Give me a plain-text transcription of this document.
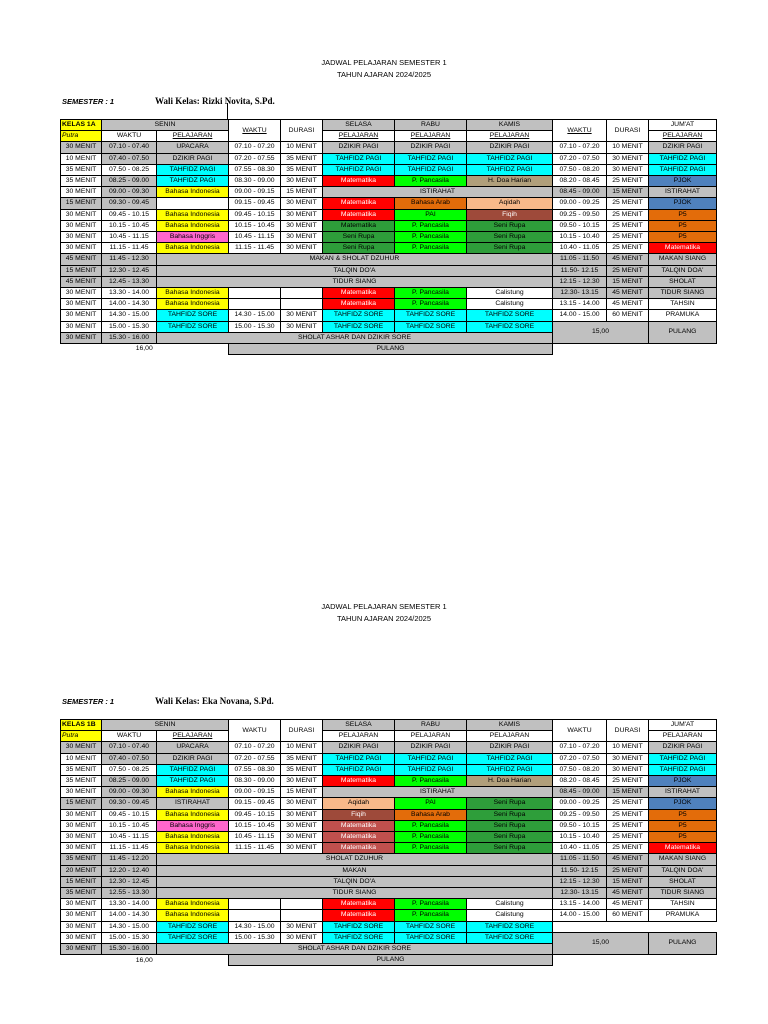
JADWAL PELAJARAN SEMESTER 1
TAHUN AJARAN 2024/2025
SEMESTER : 1	Wali Kelas: Rizki Novita, S.Pd.
KELAS 1A	SENIN		WAKTU	DURASI	SELASA	RABU	KAMIS	WAKTU	DURASI	JUM'AT
Putra	WAKTU	PELAJARAN			PELAJARAN	PELAJARAN	PELAJARAN			PELAJARAN
30 MENIT	07.10 - 07.40	UPACARA	07.10 - 07.20	10 MENIT	DZIKIR PAGI	DZIKIR PAGI	DZIKIR PAGI	07.10 - 07.20	10 MENIT	DZIKIR PAGI
10 MENIT	07.40 - 07.50	DZIKIR PAGI	07.20 - 07.55	35 MENIT	TAHFIDZ PAGI	TAHFIDZ PAGI	TAHFIDZ PAGI	07.20 - 07.50	30 MENIT	TAHFIDZ PAGI
35 MENIT	07.50 - 08.25	TAHFIDZ PAGI	07.55 - 08.30	35 MENIT	TAHFIDZ PAGI	TAHFIDZ PAGI	TAHFIDZ PAGI	07.50 - 08.20	30 MENIT	TAHFIDZ PAGI
35 MENIT	08.25 - 09.00	TAHFIDZ PAGI	08.30 - 09.00	30 MENIT	Matematika	P. Pancasila	H. Doa Harian	08.20 - 08.45	25 MENIT	PJOK
30 MENIT	09.00 - 09.30	Bahasa Indonesia	09.00 - 09.15	15 MENIT	ISTIRAHAT			08.45 - 09.00	15 MENIT	ISTIRAHAT
15 MENIT	09.30 - 09.45		09.15 - 09.45	30 MENIT	Matematika	Bahasa Arab	Aqidah	09.00 - 09.25	25 MENIT	PJOK
30 MENIT	09.45 - 10.15	Bahasa Indonesia	09.45 - 10.15	30 MENIT	Matematika	PAI	Fiqih	09.25 - 09.50	25 MENIT	P5
30 MENIT	10.15 - 10.45	Bahasa Indonesia	10.15 - 10.45	30 MENIT	Matematika	P. Pancasila	Seni Rupa	09.50 - 10.15	25 MENIT	P5
30 MENIT	10.45 - 11.15	Bahasa Inggris	10.45 - 11.15	30 MENIT	Seni Rupa	P. Pancasila	Seni Rupa	10.15 - 10.40	25 MENIT	P5
30 MENIT	11.15 - 11.45	Bahasa Indonesia	11.15 - 11.45	30 MENIT	Seni Rupa	P. Pancasila	Seni Rupa	10.40 - 11.05	25 MENIT	Matematika
45 MENIT	11.45 - 12.30	MAKAN & SHOLAT DZUHUR						11.05 - 11.50	45 MENIT	MAKAN SIANG
15 MENIT	12.30 - 12.45	TALQIN DO'A						11.50- 12.15	25 MENIT	TALQIN DOA'
45 MENIT	12.45 - 13.30	TIDUR SIANG						12.15 - 12.30	15 MENIT	SHOLAT
30 MENIT	13.30 - 14.00	Bahasa Indonesia			Matematika	P. Pancasila	Calistung	12.30- 13.15	45 MENIT	TIDUR SIANG
30 MENIT	14.00 - 14.30	Bahasa Indonesia			Matematika	P. Pancasila	Calistung	13.15 - 14.00	45 MENIT	TAHSIN
30 MENIT	14.30 - 15.00	TAHFIDZ SORE	14.30 - 15.00	30 MENIT	TAHFIDZ SORE	TAHFIDZ SORE	TAHFIDZ SORE	14.00 - 15.00	60 MENIT	PRAMUKA
30 MENIT	15.00 - 15.30	TAHFIDZ SORE	15.00 - 15.30	30 MENIT	TAHFIDZ SORE	TAHFIDZ SORE	TAHFIDZ SORE	15,00		PULANG
30 MENIT	15.30 - 16.00	SHOLAT ASHAR DAN DZIKIR SORE								
16,00			PULANG							
JADWAL PELAJARAN SEMESTER 1
TAHUN AJARAN 2024/2025
SEMESTER : 1	Wali Kelas: Eka Novana, S.Pd.
KELAS 1B	SENIN		WAKTU	DURASI	SELASA	RABU	KAMIS	WAKTU	DURASI	JUM'AT
Putra	WAKTU	PELAJARAN			PELAJARAN	PELAJARAN	PELAJARAN			PELAJARAN
30 MENIT	07.10 - 07.40	UPACARA	07.10 - 07.20	10 MENIT	DZIKIR PAGI	DZIKIR PAGI	DZIKIR PAGI	07.10 - 07.20	10 MENIT	DZIKIR PAGI
10 MENIT	07.40 - 07.50	DZIKIR PAGI	07.20 - 07.55	35 MENIT	TAHFIDZ PAGI	TAHFIDZ PAGI	TAHFIDZ PAGI	07.20 - 07.50	30 MENIT	TAHFIDZ PAGI
35 MENIT	07.50 - 08.25	TAHFIDZ PAGI	07.55 - 08.30	35 MENIT	TAHFIDZ PAGI	TAHFIDZ PAGI	TAHFIDZ PAGI	07.50 - 08.20	30 MENIT	TAHFIDZ PAGI
35 MENIT	08.25 - 09.00	TAHFIDZ PAGI	08.30 - 09.00	30 MENIT	Matematika	P. Pancasila	H. Doa Harian	08.20 - 08.45	25 MENIT	PJOK
30 MENIT	09.00 - 09.30	Bahasa Indonesia	09.00 - 09.15	15 MENIT	ISTIRAHAT			08.45 - 09.00	15 MENIT	ISTIRAHAT
15 MENIT	09.30 - 09.45	ISTIRAHAT	09.15 - 09.45	30 MENIT	Aqidah	PAI	Seni Rupa	09.00 - 09.25	25 MENIT	PJOK
30 MENIT	09.45 - 10.15	Bahasa Indonesia	09.45 - 10.15	30 MENIT	Fiqih	Bahasa Arab	Seni Rupa	09.25 - 09.50	25 MENIT	P5
30 MENIT	10.15 - 10.45	Bahasa Inggris	10.15 - 10.45	30 MENIT	Matematika	P. Pancasila	Seni Rupa	09.50 - 10.15	25 MENIT	P5
30 MENIT	10.45 - 11.15	Bahasa Indonesia	10.45 - 11.15	30 MENIT	Matematika	P. Pancasila	Seni Rupa	10.15 - 10.40	25 MENIT	P5
30 MENIT	11.15 - 11.45	Bahasa Indonesia	11.15 - 11.45	30 MENIT	Matematika	P. Pancasila	Seni Rupa	10.40 - 11.05	25 MENIT	Matematika
35 MENIT	11.45 - 12.20	SHOLAT DZUHUR						11.05 - 11.50	45 MENIT	MAKAN SIANG
20 MENIT	12.20 - 12.40	MAKAN						11.50- 12.15	25 MENIT	TALQIN DOA'
15 MENIT	12.30 - 12.45	TALQIN DO'A						12.15 - 12.30	15 MENIT	SHOLAT
35 MENIT	12.55 - 13.30	TIDUR SIANG						12.30- 13.15	45 MENIT	TIDUR SIANG
30 MENIT	13.30 - 14.00	Bahasa Indonesia			Matematika	P. Pancasila	Calistung	13.15 - 14.00	45 MENIT	TAHSIN
30 MENIT	14.00 - 14.30	Bahasa Indonesia			Matematika	P. Pancasila	Calistung	14.00 - 15.00	60 MENIT	PRAMUKA
30 MENIT	14.30 - 15.00	TAHFIDZ SORE	14.30 - 15.00	30 MENIT	TAHFIDZ SORE	TAHFIDZ SORE	TAHFIDZ SORE			
30 MENIT	15.00 - 15.30	TAHFIDZ SORE	15.00 - 15.30	30 MENIT	TAHFIDZ SORE	TAHFIDZ SORE	TAHFIDZ SORE	15,00		PULANG
30 MENIT	15.30 - 16.00	SHOLAT ASHAR DAN DZIKIR SORE								
16,00			PULANG							
